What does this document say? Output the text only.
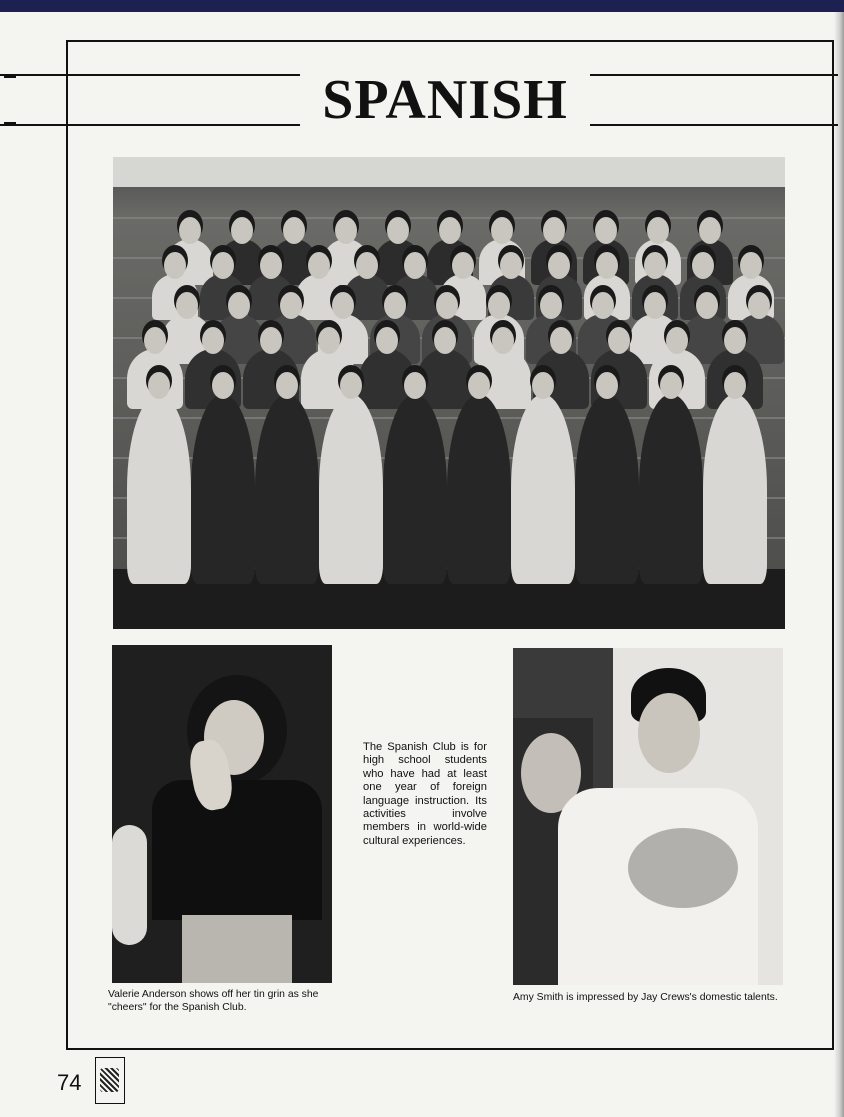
SPANISH

The Spanish Club is for high school students who have had at least one year of foreign language instruction. Its activities involve members in world-wide cultural experiences.

Valerie Anderson shows off her tin grin as she "cheers" for the Spanish Club.

Amy Smith is impressed by Jay Crews's domestic talents.

74
